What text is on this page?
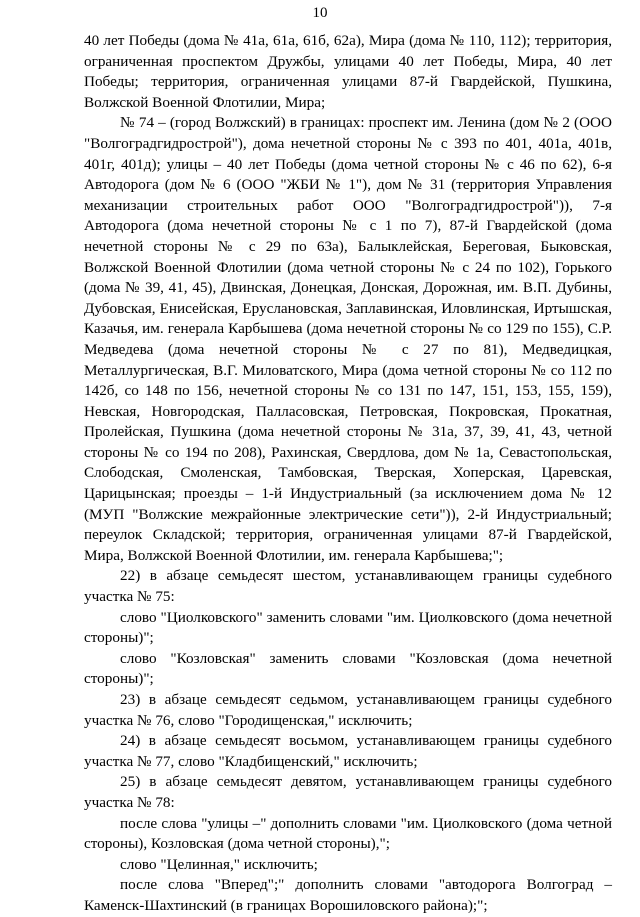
10

40 лет Победы (дома № 41а, 61а, 61б, 62а), Мира (дома № 110, 112); территория, ограниченная проспектом Дружбы, улицами 40 лет Победы, Мира, 40 лет Победы; территория, ограниченная улицами 87-й Гвардейской, Пушкина, Волжской Военной Флотилии, Мира;

№ 74 – (город Волжский) в границах: проспект им. Ленина (дом № 2 (ООО "Волгоградгидрострой"), дома нечетной стороны № с 393 по 401, 401а, 401в, 401г, 401д); улицы – 40 лет Победы (дома четной стороны № с 46 по 62), 6-я Автодорога (дом № 6 (ООО "ЖБИ № 1"), дом № 31 (территория Управления механизации строительных работ ООО "Волгоградгидрострой")), 7-я Автодорога (дома нечетной стороны № с 1 по 7), 87-й Гвардейской (дома нечетной стороны № с 29 по 63а), Балыклейская, Береговая, Быковская, Волжской Военной Флотилии (дома четной стороны № с 24 по 102), Горького (дома № 39, 41, 45), Двинская, Донецкая, Донская, Дорожная, им. В.П. Дубины, Дубовская, Енисейская, Еруслановская, Заплавинская, Иловлинская, Иртышская, Казачья, им. генерала Карбышева (дома нечетной стороны № со 129 по 155), С.Р. Медведева (дома нечетной стороны № с 27 по 81), Медведицкая, Металлургическая, В.Г. Миловатского, Мира (дома четной стороны № со 112 по 142б, со 148 по 156, нечетной стороны № со 131 по 147, 151, 153, 155, 159), Невская, Новгородская, Палласовская, Петровская, Покровская, Прокатная, Пролейская, Пушкина (дома нечетной стороны № 31а, 37, 39, 41, 43, четной стороны № со 194 по 208), Рахинская, Свердлова, дом № 1а, Севастопольская, Слободская, Смоленская, Тамбовская, Тверская, Хоперская, Царевская, Царицынская; проезды – 1-й Индустриальный (за исключением дома № 12 (МУП "Волжские межрайонные электрические сети")), 2-й Индустриальный; переулок Складской; территория, ограниченная улицами 87-й Гвардейской, Мира, Волжской Военной Флотилии, им. генерала Карбышева;";

22) в абзаце семьдесят шестом, устанавливающем границы судебного участка № 75:

слово "Циолковского" заменить словами "им. Циолковского (дома нечетной стороны)";

слово "Козловская" заменить словами "Козловская (дома нечетной стороны)";

23) в абзаце семьдесят седьмом, устанавливающем границы судебного участка № 76, слово "Городищенская," исключить;

24) в абзаце семьдесят восьмом, устанавливающем границы судебного участка № 77, слово "Кладбищенский," исключить;

25) в абзаце семьдесят девятом, устанавливающем границы судебного участка № 78:

после слова "улицы –" дополнить словами "им. Циолковского (дома четной стороны), Козловская (дома четной стороны),";

слово "Целинная," исключить;

после слова "Вперед";" дополнить словами "автодорога Волгоград – Каменск-Шахтинский (в границах Ворошиловского района);";
